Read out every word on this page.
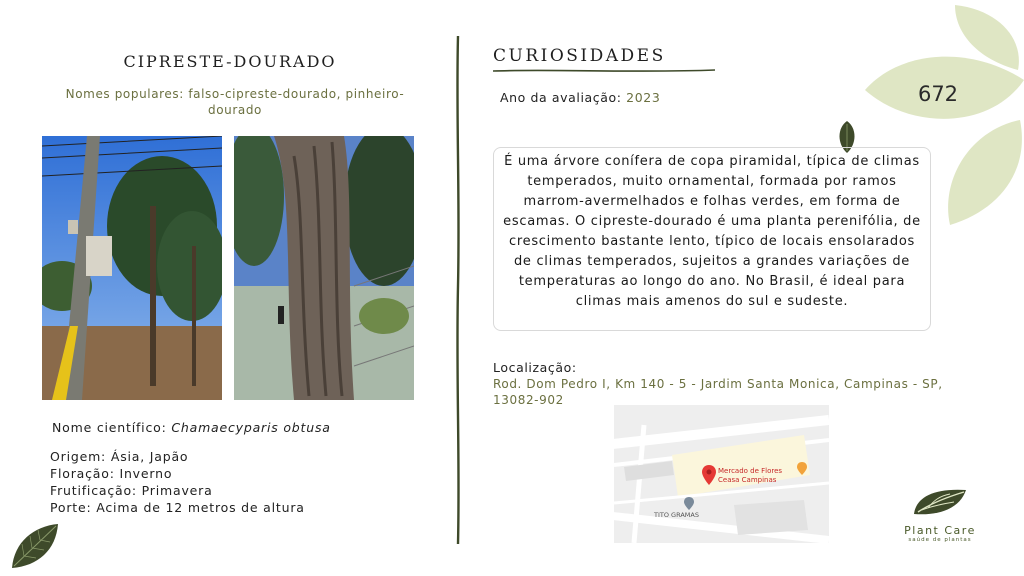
672
CIPRESTE-DOURADO
Nomes populares: falso-cipreste-dourado, pinheiro-dourado
Nome científico: Chamaecyparis obtusa
Origem: Ásia, Japão
Floração: Inverno
Frutificação: Primavera
Porte: Acima de 12 metros de altura
CURIOSIDADES
Ano da avaliação: 2023
É uma árvore conífera de copa piramidal, típica de climas temperados, muito ornamental, formada por ramos marrom-avermelhados e folhas verdes, em forma de escamas. O cipreste-dourado é uma planta perenifólia, de crescimento bastante lento, típico de locais ensolarados de climas temperados, sujeitos a grandes variações de temperaturas ao longo do ano. No Brasil, é ideal para climas mais amenos do sul e sudeste.
Localização:
Rod. Dom Pedro I, Km 140 - 5 - Jardim Santa Monica, Campinas - SP, 13082-902
Mercado de Flores
Ceasa Campinas
TITO GRAMAS
Plant Care
saúde de plantas
